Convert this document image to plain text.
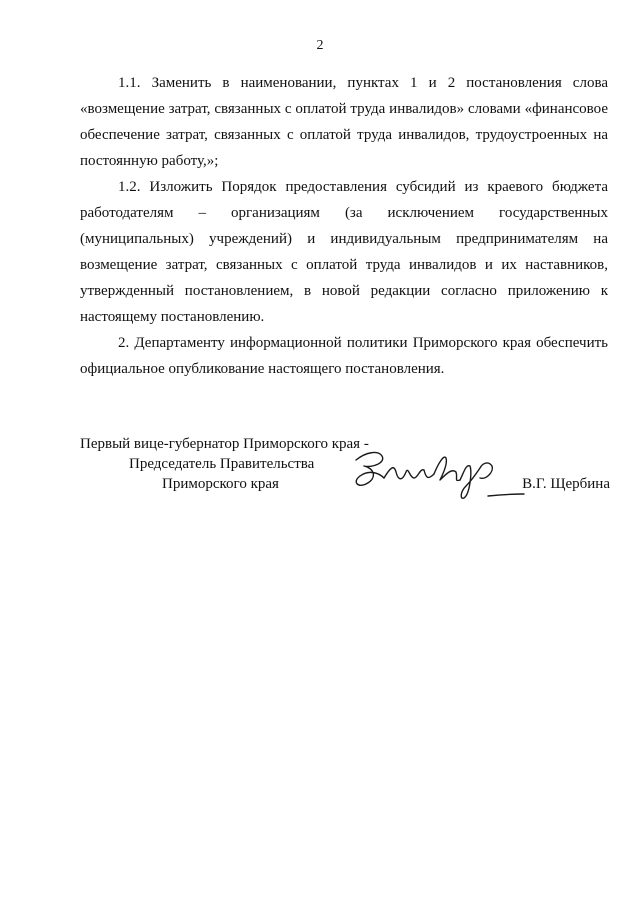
2

1.1. Заменить в наименовании, пунктах 1 и 2 постановления слова «возмещение затрат, связанных с оплатой труда инвалидов» словами «финансовое обеспечение затрат, связанных с оплатой труда инвалидов, трудоустроенных на постоянную работу,»;

1.2. Изложить Порядок предоставления субсидий из краевого бюджета работодателям – организациям (за исключением государственных (муниципальных) учреждений) и индивидуальным предпринимателям на возмещение затрат, связанных с оплатой труда инвалидов и их наставников, утвержденный постановлением, в новой редакции согласно приложению к настоящему постановлению.

2. Департаменту информационной политики Приморского края обеспечить официальное опубликование настоящего постановления.

Первый вице-губернатор Приморского края -
Председатель Правительства
Приморского края	В.Г. Щербина
